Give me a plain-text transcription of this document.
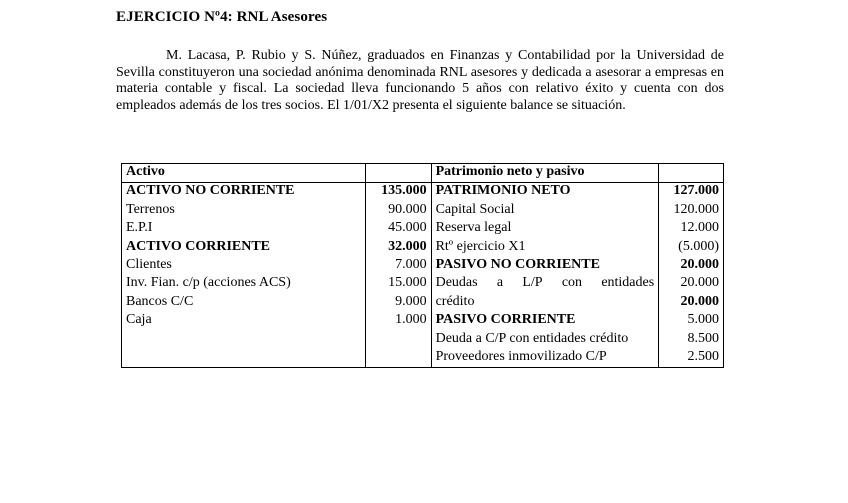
EJERCICIO Nº4: RNL Asesores

M. Lacasa, P. Rubio y S. Núñez, graduados en Finanzas y Contabilidad por la Universidad de Sevilla constituyeron una sociedad anónima denominada RNL asesores y dedicada a asesorar a empresas en materia contable y fiscal. La sociedad lleva funcionando 5 años con relativo éxito y cuenta con dos empleados además de los tres socios. El 1/01/X2 presenta el siguiente balance se situación.

Activo		Patrimonio neto y pasivo	
ACTIVO NO CORRIENTE	135.000	PATRIMONIO NETO	127.000
Terrenos	90.000	Capital Social	120.000
E.P.I	45.000	Reserva legal	12.000
ACTIVO CORRIENTE	32.000	Rtº ejercicio X1	(5.000)
Clientes	7.000	PASIVO NO CORRIENTE	20.000
Inv. Fian. c/p (acciones ACS)	15.000	Deudas a L/P con entidades	20.000
Bancos C/C	9.000	crédito	20.000
Caja	1.000	PASIVO CORRIENTE	5.000
		Deuda a C/P con entidades crédito	8.500
		Proveedores inmovilizado C/P	2.500
